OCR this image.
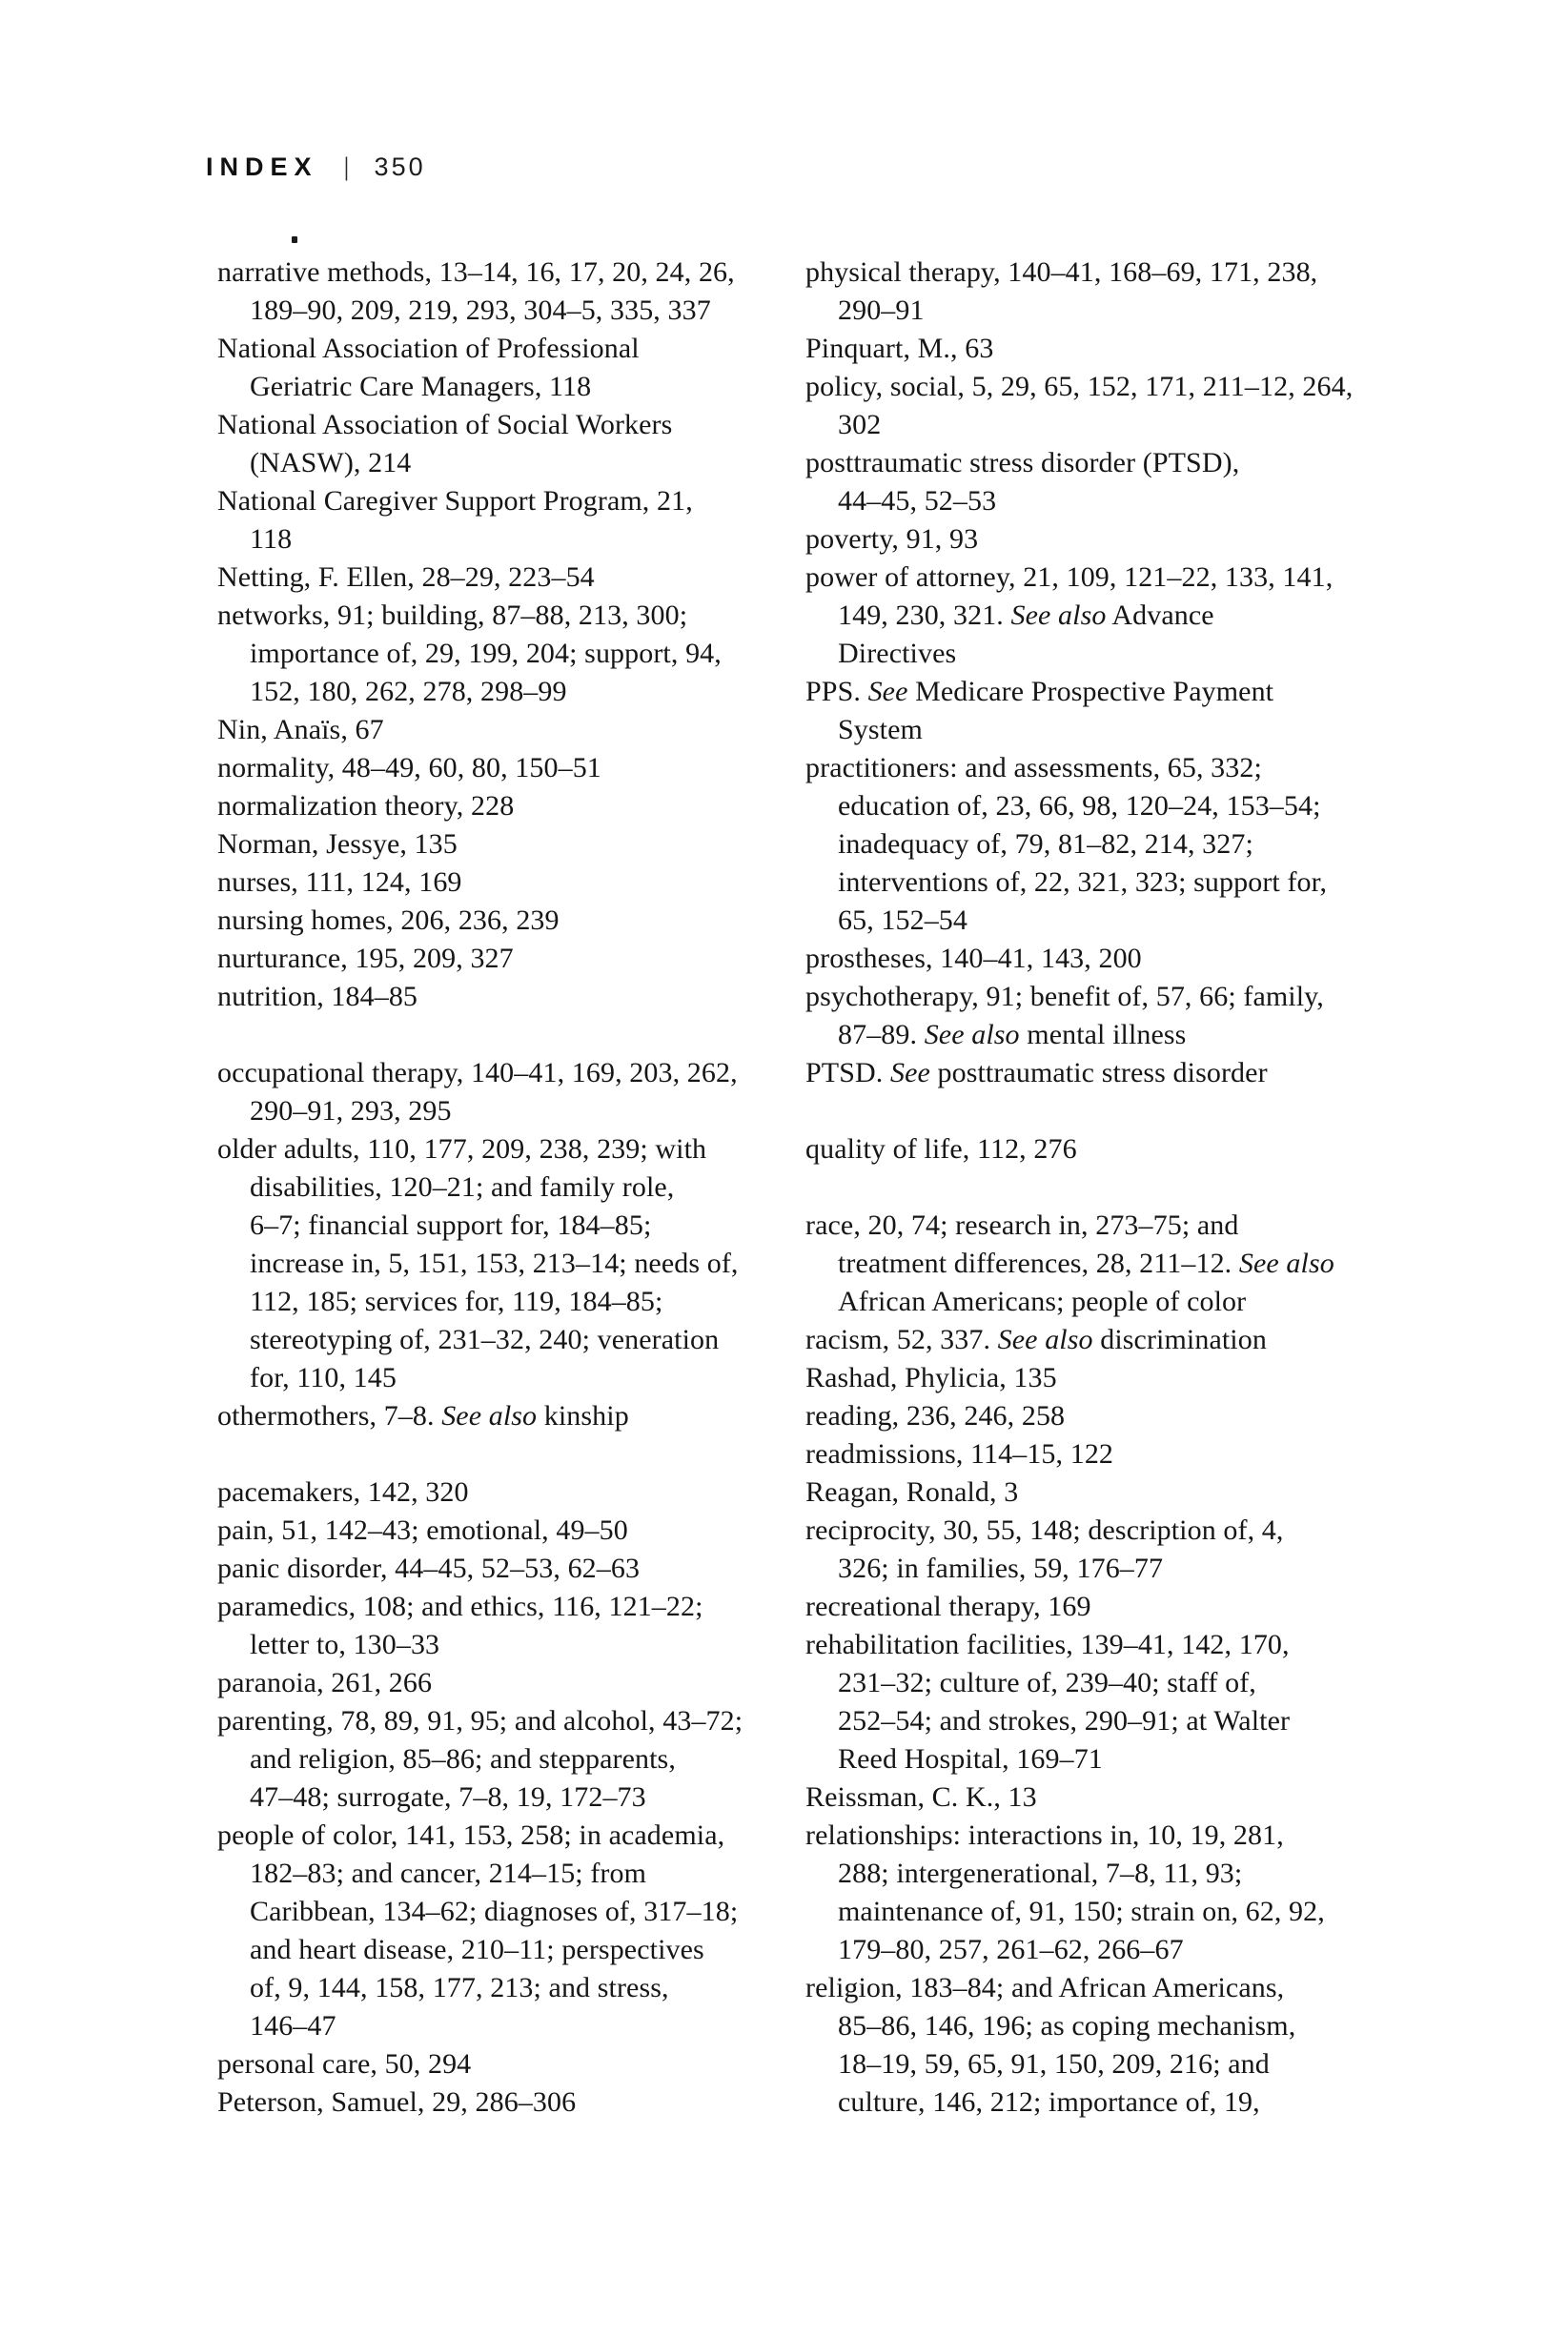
INDEX | 350
narrative methods, 13–14, 16, 17, 20, 24, 26,
189–90, 209, 219, 293, 304–5, 335, 337
National Association of Professional
Geriatric Care Managers, 118
National Association of Social Workers
(NASW), 214
National Caregiver Support Program, 21,
118
Netting, F. Ellen, 28–29, 223–54
networks, 91; building, 87–88, 213, 300;
importance of, 29, 199, 204; support, 94,
152, 180, 262, 278, 298–99
Nin, Anaïs, 67
normality, 48–49, 60, 80, 150–51
normalization theory, 228
Norman, Jessye, 135
nurses, 111, 124, 169
nursing homes, 206, 236, 239
nurturance, 195, 209, 327
nutrition, 184–85
occupational therapy, 140–41, 169, 203, 262,
290–91, 293, 295
older adults, 110, 177, 209, 238, 239; with
disabilities, 120–21; and family role,
6–7; financial support for, 184–85;
increase in, 5, 151, 153, 213–14; needs of,
112, 185; services for, 119, 184–85;
stereotyping of, 231–32, 240; veneration
for, 110, 145
othermothers, 7–8. See also kinship
pacemakers, 142, 320
pain, 51, 142–43; emotional, 49–50
panic disorder, 44–45, 52–53, 62–63
paramedics, 108; and ethics, 116, 121–22;
letter to, 130–33
paranoia, 261, 266
parenting, 78, 89, 91, 95; and alcohol, 43–72;
and religion, 85–86; and stepparents,
47–48; surrogate, 7–8, 19, 172–73
people of color, 141, 153, 258; in academia,
182–83; and cancer, 214–15; from
Caribbean, 134–62; diagnoses of, 317–18;
and heart disease, 210–11; perspectives
of, 9, 144, 158, 177, 213; and stress,
146–47
personal care, 50, 294
Peterson, Samuel, 29, 286–306
physical therapy, 140–41, 168–69, 171, 238,
290–91
Pinquart, M., 63
policy, social, 5, 29, 65, 152, 171, 211–12, 264,
302
posttraumatic stress disorder (PTSD),
44–45, 52–53
poverty, 91, 93
power of attorney, 21, 109, 121–22, 133, 141,
149, 230, 321. See also Advance
Directives
PPS. See Medicare Prospective Payment
System
practitioners: and assessments, 65, 332;
education of, 23, 66, 98, 120–24, 153–54;
inadequacy of, 79, 81–82, 214, 327;
interventions of, 22, 321, 323; support for,
65, 152–54
prostheses, 140–41, 143, 200
psychotherapy, 91; benefit of, 57, 66; family,
87–89. See also mental illness
PTSD. See posttraumatic stress disorder
quality of life, 112, 276
race, 20, 74; research in, 273–75; and
treatment differences, 28, 211–12. See also
African Americans; people of color
racism, 52, 337. See also discrimination
Rashad, Phylicia, 135
reading, 236, 246, 258
readmissions, 114–15, 122
Reagan, Ronald, 3
reciprocity, 30, 55, 148; description of, 4,
326; in families, 59, 176–77
recreational therapy, 169
rehabilitation facilities, 139–41, 142, 170,
231–32; culture of, 239–40; staff of,
252–54; and strokes, 290–91; at Walter
Reed Hospital, 169–71
Reissman, C. K., 13
relationships: interactions in, 10, 19, 281,
288; intergenerational, 7–8, 11, 93;
maintenance of, 91, 150; strain on, 62, 92,
179–80, 257, 261–62, 266–67
religion, 183–84; and African Americans,
85–86, 146, 196; as coping mechanism,
18–19, 59, 65, 91, 150, 209, 216; and
culture, 146, 212; importance of, 19,
